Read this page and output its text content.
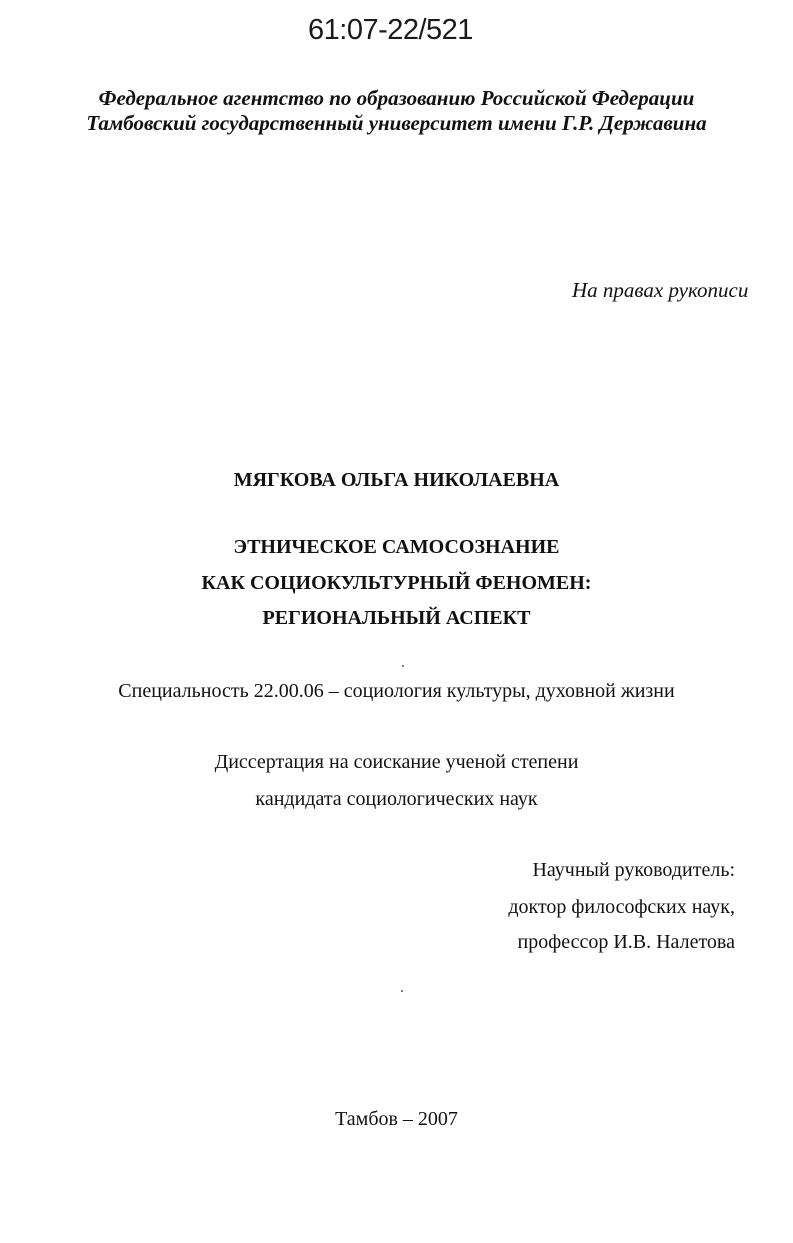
61:07-22/521
Федеральное агентство по образованию Российской Федерации
Тамбовский государственный университет имени Г.Р. Державина
На правах рукописи
МЯГКОВА ОЛЬГА НИКОЛАЕВНА
ЭТНИЧЕСКОЕ САМОСОЗНАНИЕ
КАК СОЦИОКУЛЬТУРНЫЙ ФЕНОМЕН:
РЕГИОНАЛЬНЫЙ АСПЕКТ
Специальность 22.00.06 – социология культуры, духовной жизни
Диссертация на соискание ученой степени
кандидата социологических наук
Научный руководитель:
доктор философских наук,
профессор И.В. Налетова
Тамбов – 2007
